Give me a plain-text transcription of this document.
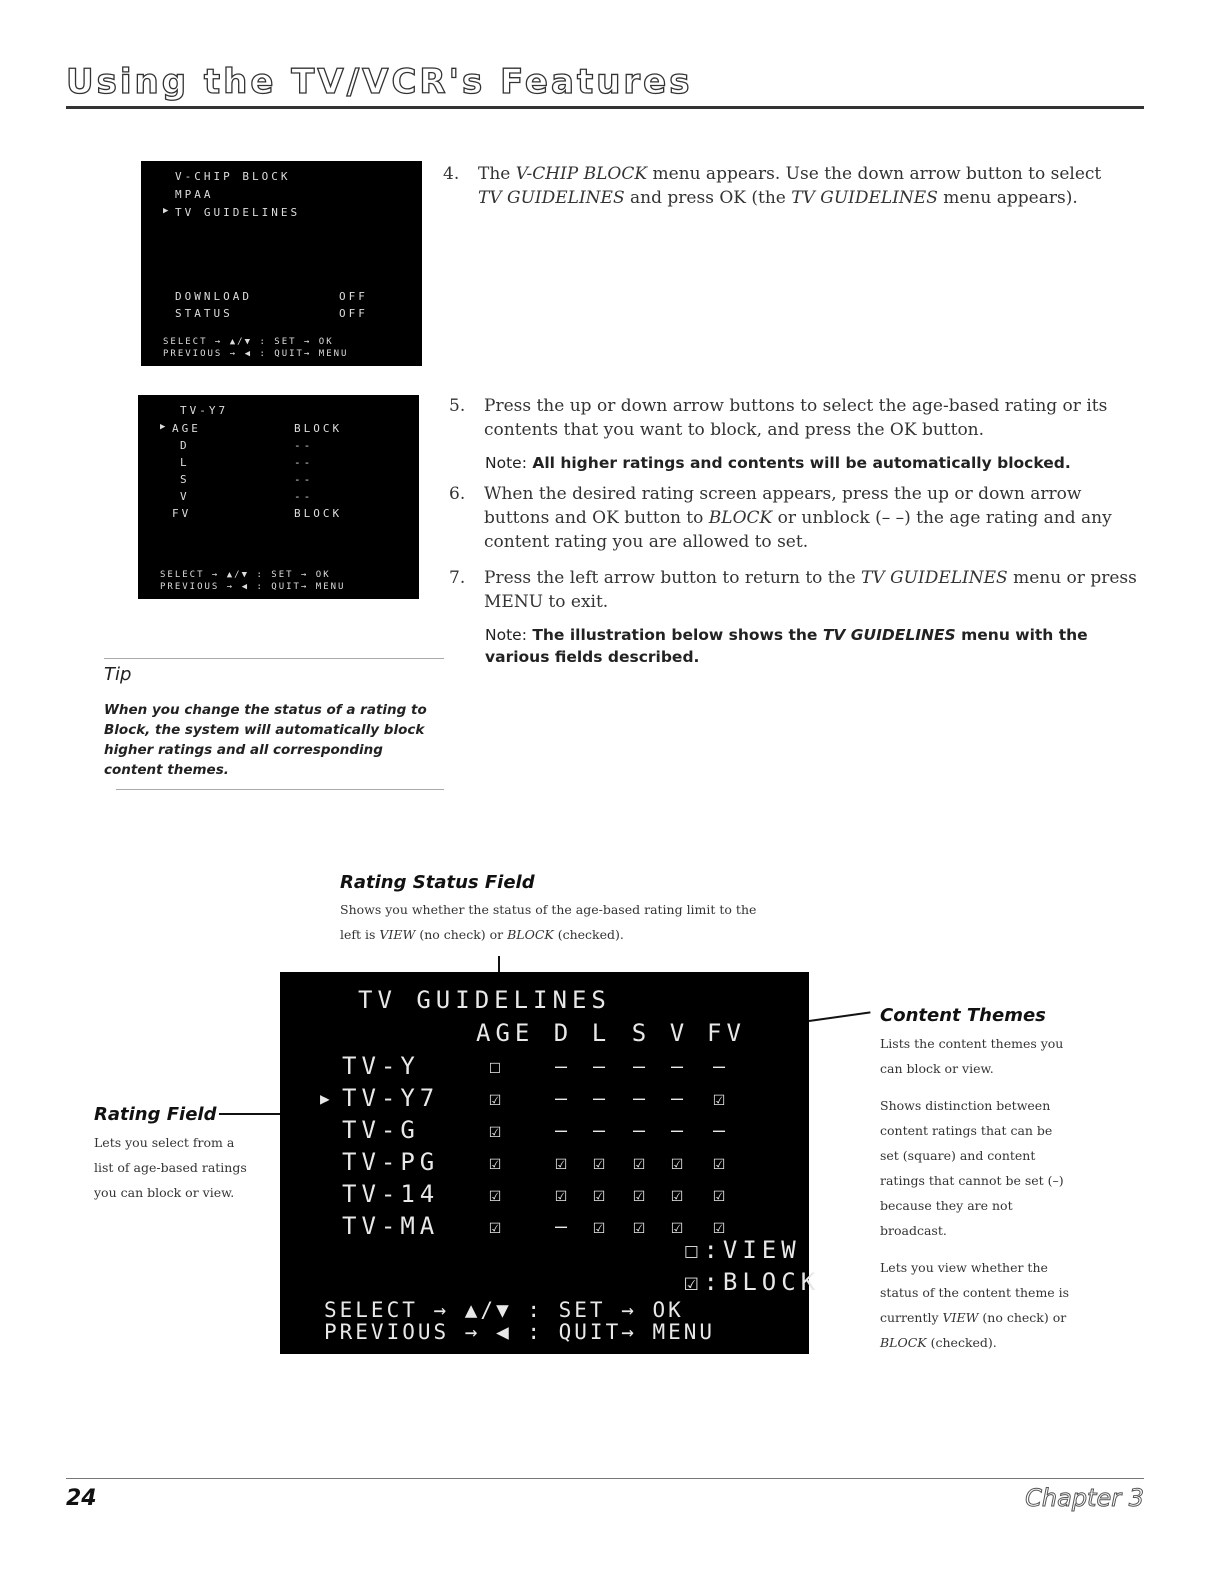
Using the TV/VCR's Features
V-CHIP BLOCK
MPAA
▶ TV GUIDELINES
DOWNLOAD	OFF
STATUS	OFF
SELECT → ▲/▼ : SET → OK
PREVIOUS → ◀ : QUIT→ MENU
TV-Y7
▶ AGE	BLOCK
D	--
L	--
S	--
V	--
FV	BLOCK
SELECT → ▲/▼ : SET → OK
PREVIOUS → ◀ : QUIT→ MENU
4. The V-CHIP BLOCK menu appears. Use the down arrow button to select
TV GUIDELINES and press OK (the TV GUIDELINES menu appears).
5. Press the up or down arrow buttons to select the age-based rating or its
contents that you want to block, and press the OK button.
Note: All higher ratings and contents will be automatically blocked.
6. When the desired rating screen appears, press the up or down arrow
buttons and OK button to BLOCK or unblock (– –) the age rating and any
content rating you are allowed to set.
7. Press the left arrow button to return to the TV GUIDELINES menu or press
MENU to exit.
Note: The illustration below shows the TV GUIDELINES menu with the
various fields described.
Tip
When you change the status of a rating to Block, the system will automatically block higher ratings and all corresponding content themes.
Rating Status Field
Shows you whether the status of the age-based rating limit to the
left is VIEW (no check) or BLOCK (checked).
Rating Field
Lets you select from a
list of age-based ratings
you can block or view.
Content Themes
Lists the content themes you
can block or view.

Shows distinction between
content ratings that can be
set (square) and content
ratings that cannot be set (–)
because they are not
broadcast.

Lets you view whether the
status of the content theme is
currently VIEW (no check) or
BLOCK (checked).
TV GUIDELINES
AGE D L S V FV
▶
TV-Y	☐	– – – – –
TV-Y7 ☑	– – – – ☑
TV-G	☑	– – – – –
TV-PG ☑	☑ ☑ ☑ ☑ ☑
TV-14 ☑	☑ ☑ ☑ ☑ ☑
TV-MA ☑	– ☑ ☑ ☑ ☑
☐:VIEW
☑:BLOCK
SELECT → ▲/▼ : SET → OK
PREVIOUS → ◀ : QUIT→ MENU
24	Chapter 3
